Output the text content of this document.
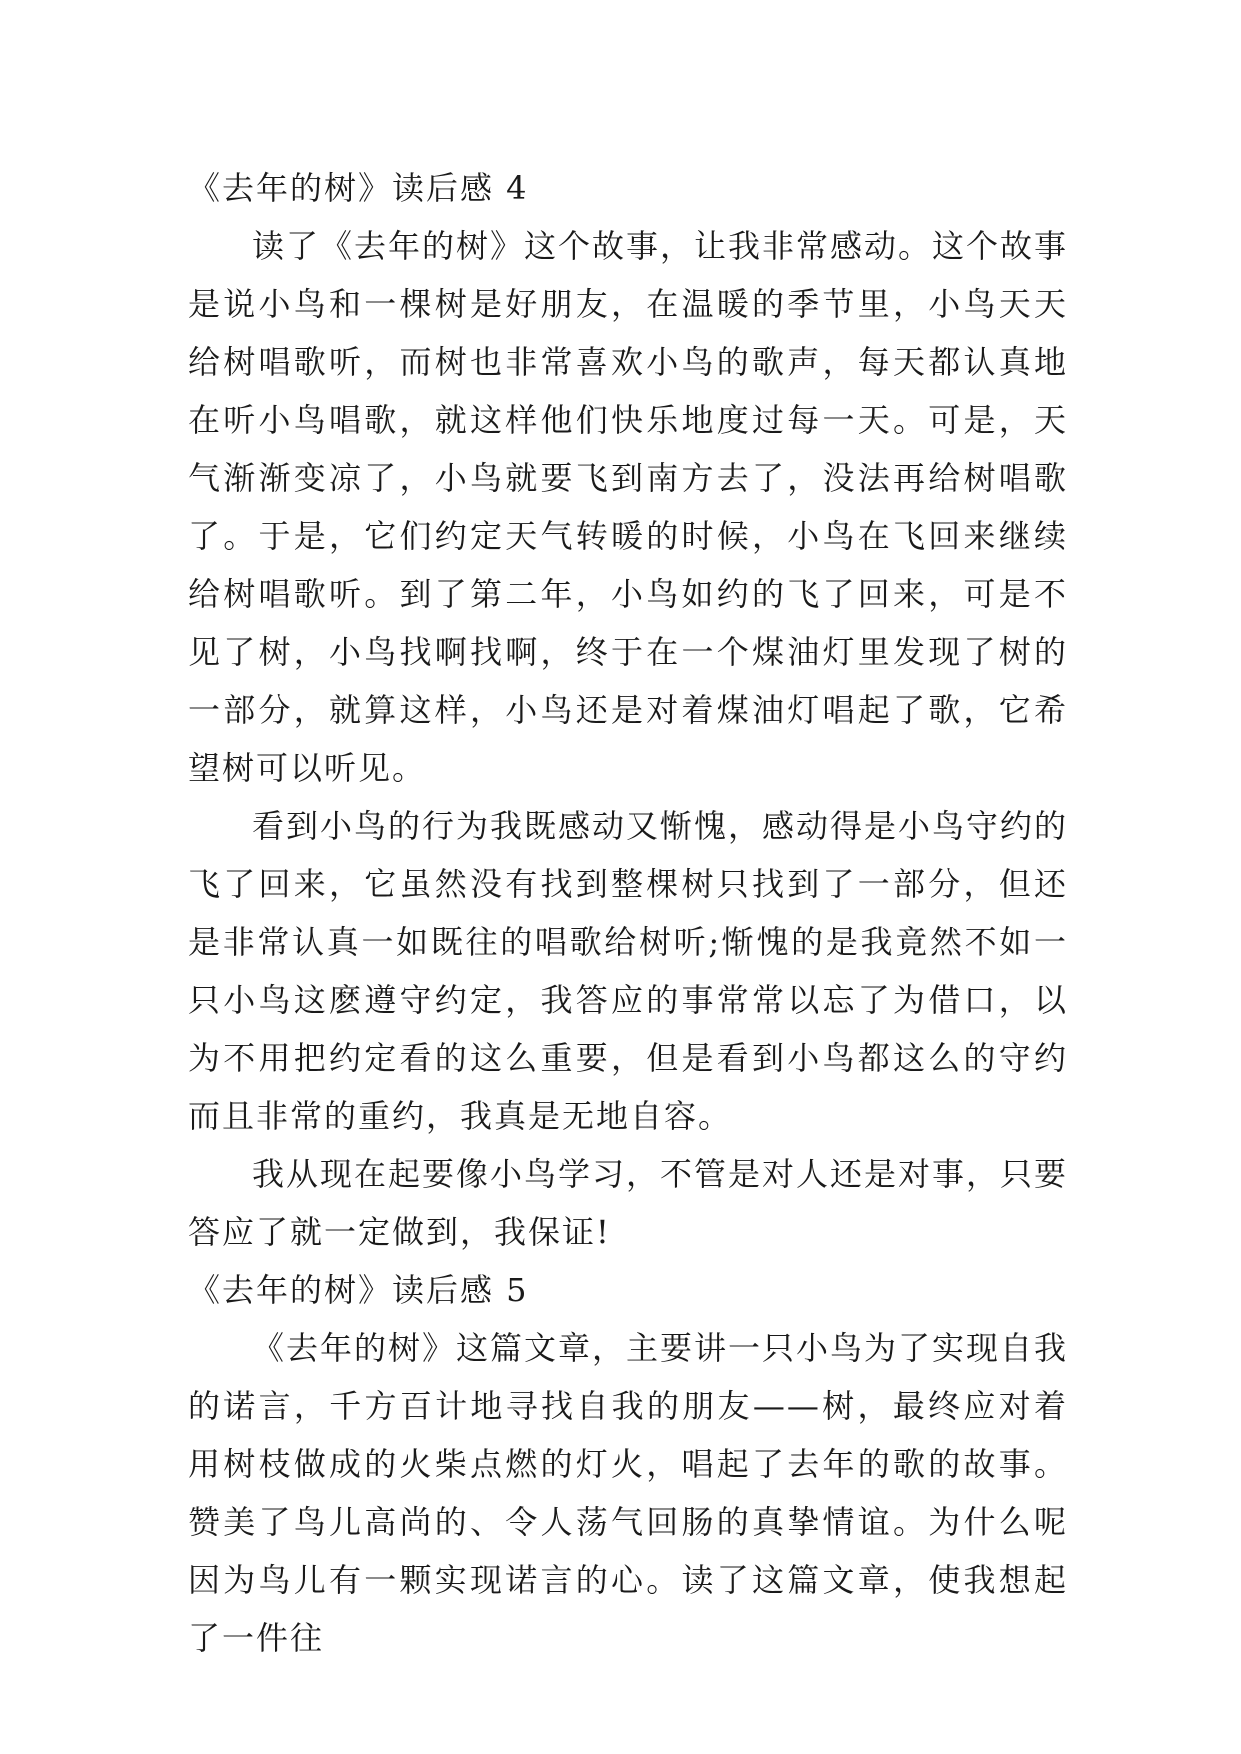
《去年的树》读后感 4

读了《去年的树》这个故事，让我非常感动。这个故事是说小鸟和一棵树是好朋友，在温暖的季节里，小鸟天天给树唱歌听，而树也非常喜欢小鸟的歌声，每天都认真地在听小鸟唱歌，就这样他们快乐地度过每一天。可是，天气渐渐变凉了，小鸟就要飞到南方去了，没法再给树唱歌了。于是，它们约定天气转暖的时候，小鸟在飞回来继续给树唱歌听。到了第二年，小鸟如约的飞了回来，可是不见了树，小鸟找啊找啊，终于在一个煤油灯里发现了树的一部分，就算这样，小鸟还是对着煤油灯唱起了歌，它希望树可以听见。

看到小鸟的行为我既感动又惭愧，感动得是小鸟守约的飞了回来，它虽然没有找到整棵树只找到了一部分，但还是非常认真一如既往的唱歌给树听;惭愧的是我竟然不如一只小鸟这麽遵守约定，我答应的事常常以忘了为借口，以为不用把约定看的这么重要，但是看到小鸟都这么的守约而且非常的重约，我真是无地自容。

我从现在起要像小鸟学习，不管是对人还是对事，只要答应了就一定做到，我保证!

《去年的树》读后感 5

《去年的树》这篇文章，主要讲一只小鸟为了实现自我的诺言，千方百计地寻找自我的朋友——树，最终应对着用树枝做成的火柴点燃的灯火，唱起了去年的歌的故事。赞美了鸟儿高尚的、令人荡气回肠的真挚情谊。为什么呢因为鸟儿有一颗实现诺言的心。读了这篇文章，使我想起了一件往
